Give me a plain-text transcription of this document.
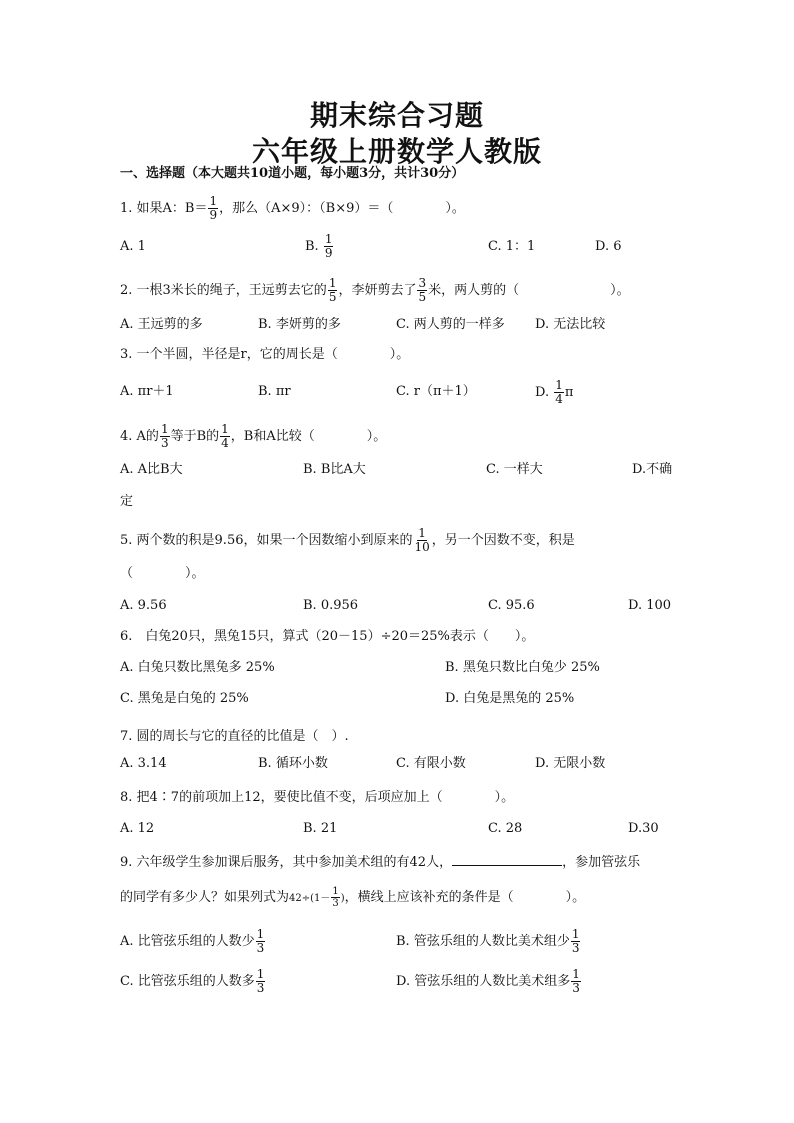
期末综合习题
六年级上册数学人教版
一、选择题（本大题共10道小题，每小题3分，共计30分）
1. 如果A：$B= \frac{1}{9}$ ，那么（A×9）：（B×9）＝（　　　　）。
A. 1	B. $\frac{1}{9}$	C. 1：1	D. 6
2. 一根3米长的绳子，王远剪去它的 $\frac{1}{5}$ ，李妍剪去了 $\frac{3}{5}$ 米，两人剪的（　　　　　　　）。
A. 王远剪的多	B. 李妍剪的多	C. 两人剪的一样多 D. 无法比较
3. 一个半圆，半径是r，它的周长是（　　　　）。
A. πr＋1	B. πr	C. r（π＋1）	D. $\frac{1}{4}$ π
4. A的 $\frac{1}{3}$ 等于B的 $\frac{1}{4}$ ，B和A比较（　　　　）。
A. A比B大	B. B比A大	C. 一样大	D.不确
定
5. 两个数的积是9.56，如果一个因数缩小到原来的 $\frac{1}{10}$ ，另一个因数不变，积是
（　　　　）。
A. 9.56	B. 0.956	C. 95.6	D. 100
6.　白兔20只，黑兔15只，算式（20－15）÷20＝25%表示（　　）。
A. 白兔只数比黑兔多 25%	B. 黑兔只数比白兔少 25%
C. 黑兔是白兔的 25%	D. 白兔是黑兔的 25%
7. 圆的周长与它的直径的比值是（　）.
A. 3.14	B. 循环小数	C. 有限小数	D. 无限小数
8. 把4∶7的前项加上12，要使比值不变，后项应加上（　　　　）。
A. 12	B. 21	C. 28	D.30
9. 六年级学生参加课后服务，其中参加美术组的有42人，	，参加管弦乐
的同学有多少人？如果列式为$42\div(1- \frac{1}{3}$ )，横线上应该补充的条件是（　　　　）。
A. 比管弦乐组的人数少 $\frac{1}{3}$	B. 管弦乐组的人数比美术组少 $\frac{1}{3}$
C. 比管弦乐组的人数多 $\frac{1}{3}$	D. 管弦乐组的人数比美术组多 $\frac{1}{3}$
